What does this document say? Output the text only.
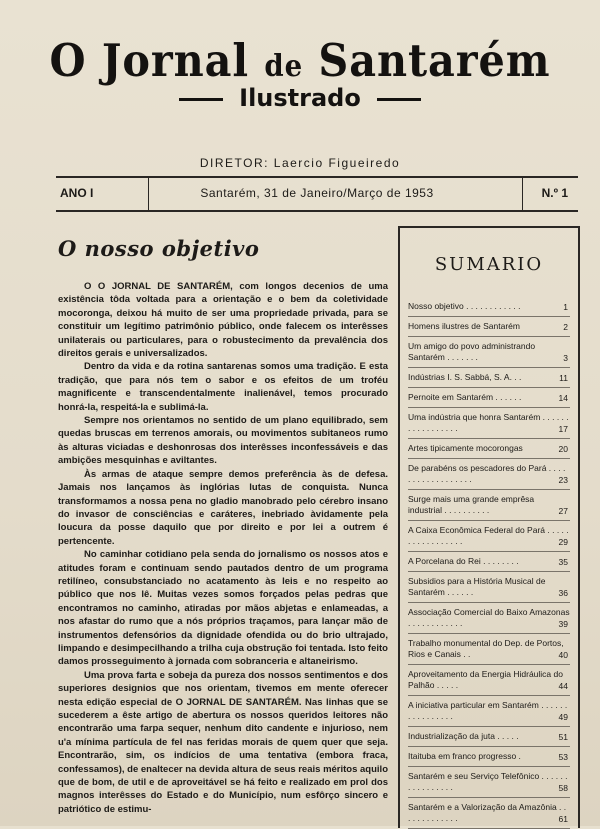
O Jornal de Santarém
Ilustrado
DIRETOR: Laercio Figueiredo
ANO I	Santarém, 31 de Janeiro/Março de 1953	N.º 1
O nosso objetivo

O O JORNAL DE SANTARÉM, com longos decenios de uma existência tôda voltada para a orientação e o bem da coletividade mocoronga, deixou há muito de ser uma propriedade privada, para se constituir um legítimo patrimônio público, onde falecem os interêsses unilaterais ou particulares, para o robustecimento da prevalência dos direitos gerais e universalizados.

Dentro da vida e da rotina santarenas somos uma tradição. E esta tradição, que para nós tem o sabor e os efeitos de um troféu magnificente e transcendentalmente inalienável, temos procurado honrá-la, respeitá-la e sublimá-la.

Sempre nos orientamos no sentido de um plano equilibrado, sem quedas bruscas em terrenos amorais, ou movimentos subitaneos rumo às alturas viciadas e deshonrosas dos interêsses inconfessáveis e das ambições mesquinhas e aviltantes.

Às armas de ataque sempre demos preferência às de defesa. Jamais nos lançamos às inglórias lutas de conquista. Nunca transformamos a nossa pena no gladio manobrado pelo cérebro insano do invasor de consciências e caráteres, inebriado àvidamente pela loucura da posse daquilo que por direito e por lei a outrem é pertencente.

No caminhar cotidiano pela senda do jornalismo os nossos atos e atitudes foram e continuam sendo pautados dentro de um programa retilíneo, consubstanciado no acatamento às leis e no respeito ao público que nos lê. Muitas vezes somos forçados pelas pedras que encontramos no caminho, atiradas por mãos abjetas e enlameadas, a nos afastar do rumo que a nós próprios traçamos, para lançar mão de instrumentos defensórios da dignidade ofendida ou do brio ultrajado, limpando e desimpecilhando a trilha cuja obstrução foi tentada. Isto feito damos prosseguimento à jornada com sobranceria e altaneirismo.

Uma prova farta e sobeja da pureza dos nossos sentimentos e dos superiores designios que nos orientam, tivemos em mente oferecer nesta edição especial de O JORNAL DE SANTARÉM. Nas linhas que se sucederem a êste artigo de abertura os nossos queridos leitores não encontrarão uma farpa sequer, nenhum dito candente e injurioso, nem u'a mínima partícula de fel nas feridas morais de quem quer que seja. Encontrarão, sim, os indícios de uma tentativa (embora fraca, confessamos), de enaltecer na devida altura de seus reais méritos aquilo que de bom, de util e de aproveitável se há feito e realizado em prol dos magnos interêsses do Estado e do Município, num esfôrço sincero e patriótico de estimu-

SUMARIO
Nosso objetivo . . . . . . . . . . . .	1
Homens ilustres de Santarém	2
Um amigo do povo administrando Santarém . . . . . . .	3
Indústrias I. S. Sabbá, S. A. . .	11
Pernoite em Santarém . . . . . .	14
Uma indústria que honra Santarém . . . . . . . . . . . . . . . . .	17
Artes tipicamente mocorongas	20
De parabéns os pescadores do Pará . . . . . . . . . . . . . . . . . .	23
Surge mais uma grande emprêsa industrial . . . . . . . . . .	27
A Caixa Econômica Federal do Pará . . . . . . . . . . . . . . . . .	29
A Porcelana do Rei . . . . . . . .	35
Subsidios para a História Musical de Santarém . . . . . .	36
Associação Comercial do Baixo Amazonas . . . . . . . . . . . .	39
Trabalho monumental do Dep. de Portos, Rios e Canais . .	40
Aproveitamento da Energia Hidráulica do Palhão . . . . .	44
A iniciativa particular em Santarém . . . . . . . . . . . . . . . .	49
Industrialização da juta . . . . .	51
Itaituba em franco progresso .	53
Santarém e seu Serviço Telefônico . . . . . . . . . . . . . . . .	58
Santarém e a Valorização da Amazônia . . . . . . . . . . . . .	61
